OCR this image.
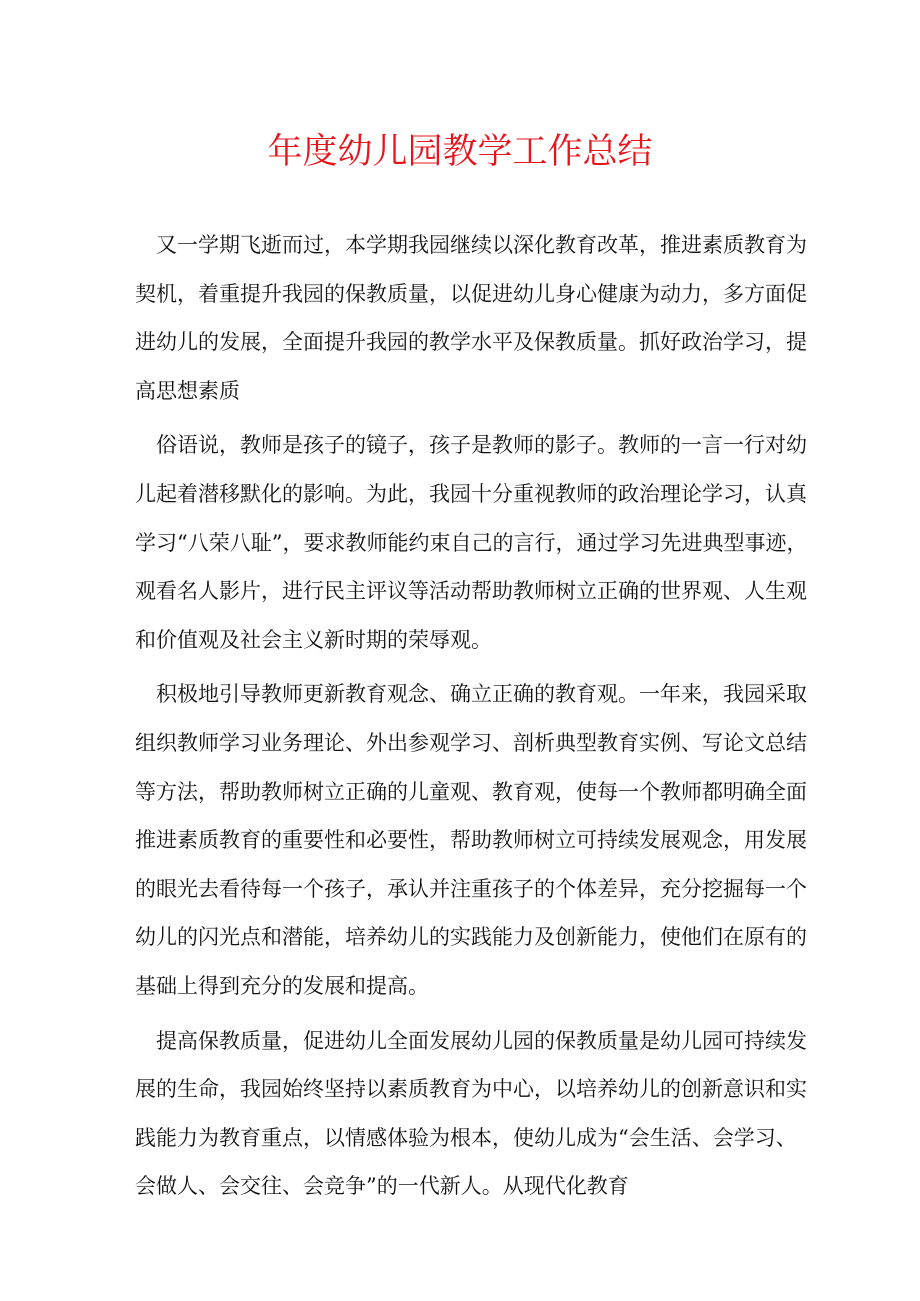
年度幼儿园教学工作总结
又一学期飞逝而过，本学期我园继续以深化教育改革，推进素质教育为
契机，着重提升我园的保教质量，以促进幼儿身心健康为动力，多方面促
进幼儿的发展，全面提升我园的教学水平及保教质量。抓好政治学习，提
高思想素质
俗语说，教师是孩子的镜子，孩子是教师的影子。教师的一言一行对幼
儿起着潜移默化的影响。为此，我园十分重视教师的政治理论学习，认真
学习“八荣八耻”，要求教师能约束自己的言行，通过学习先进典型事迹，
观看名人影片，进行民主评议等活动帮助教师树立正确的世界观、人生观
和价值观及社会主义新时期的荣辱观。
积极地引导教师更新教育观念、确立正确的教育观。一年来，我园采取
组织教师学习业务理论、外出参观学习、剖析典型教育实例、写论文总结
等方法，帮助教师树立正确的儿童观、教育观，使每一个教师都明确全面
推进素质教育的重要性和必要性，帮助教师树立可持续发展观念，用发展
的眼光去看待每一个孩子，承认并注重孩子的个体差异，充分挖掘每一个
幼儿的闪光点和潜能，培养幼儿的实践能力及创新能力，使他们在原有的
基础上得到充分的发展和提高。
提高保教质量，促进幼儿全面发展幼儿园的保教质量是幼儿园可持续发
展的生命，我园始终坚持以素质教育为中心，以培养幼儿的创新意识和实
践能力为教育重点，以情感体验为根本，使幼儿成为“会生活、会学习、
会做人、会交往、会竞争”的一代新人。从现代化教育
